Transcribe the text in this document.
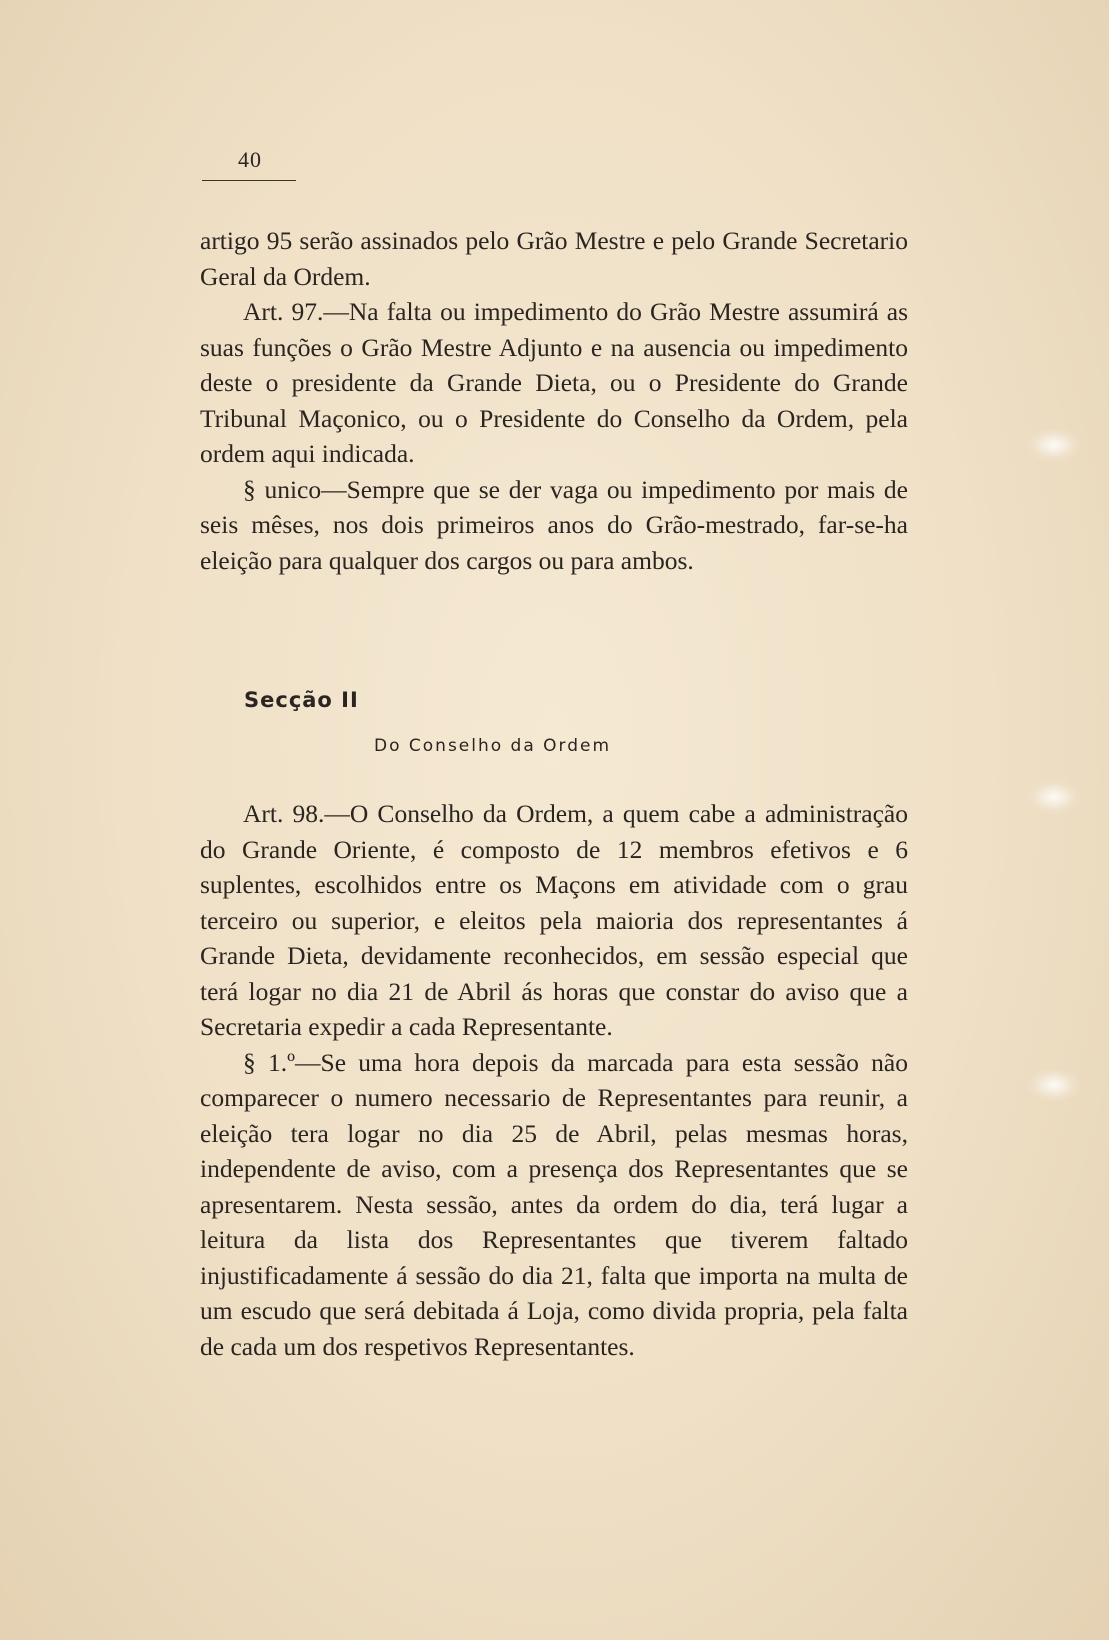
40

artigo 95 serão assinados pelo Grão Mestre e pelo Grande Secretario Geral da Ordem.

Art. 97.—Na falta ou impedimento do Grão Mestre assumirá as suas funções o Grão Mestre Adjunto e na ausencia ou impedimento deste o presidente da Grande Dieta, ou o Presidente do Grande Tribunal Maçonico, ou o Presidente do Conselho da Ordem, pela ordem aqui indicada.

§ unico—Sempre que se der vaga ou impedimento por mais de seis mêses, nos dois primeiros anos do Grão-mestrado, far-se-ha eleição para qualquer dos cargos ou para ambos.

Secção II
Do Conselho da Ordem

Art. 98.—O Conselho da Ordem, a quem cabe a administração do Grande Oriente, é composto de 12 membros efetivos e 6 suplentes, escolhidos entre os Maçons em atividade com o grau terceiro ou superior, e eleitos pela maioria dos representantes á Grande Dieta, devidamente reconhecidos, em sessão especial que terá logar no dia 21 de Abril ás horas que constar do aviso que a Secretaria expedir a cada Representante.

§ 1.º—Se uma hora depois da marcada para esta sessão não comparecer o numero necessario de Representantes para reunir, a eleição tera logar no dia 25 de Abril, pelas mesmas horas, independente de aviso, com a presença dos Representantes que se apresentarem. Nesta sessão, antes da ordem do dia, terá lugar a leitura da lista dos Representantes que tiverem faltado injustificadamente á sessão do dia 21, falta que importa na multa de um escudo que será debitada á Loja, como divida propria, pela falta de cada um dos respetivos Representantes.
